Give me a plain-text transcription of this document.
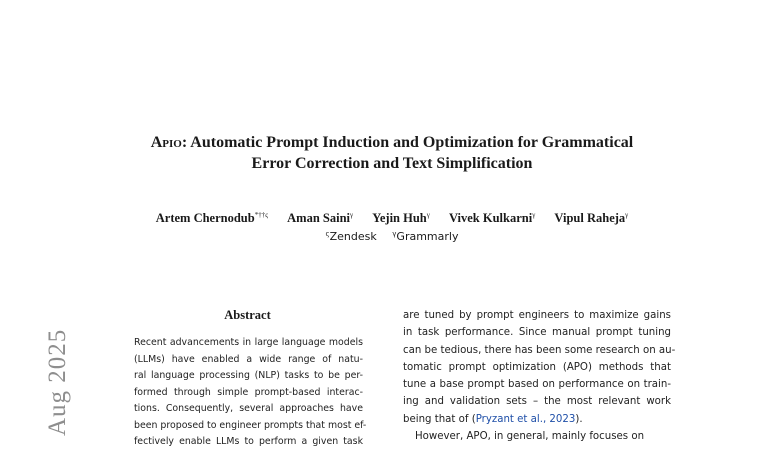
Apio: Automatic Prompt Induction and Optimization for Grammatical
Error Correction and Text Simplification
Artem Chernodub$^{*\dagger\dagger\varsigma}$ Aman Saini$^\gamma$ Yejin Huh$^\gamma$ Vivek Kulkarni$^\gamma$ Vipul Raheja$^\gamma$
$^\varsigma$Zendesk $^\gamma$Grammarly
Abstract
Recent advancements in large language models
(LLMs) have enabled a wide range of natu-
ral language processing (NLP) tasks to be per-
formed through simple prompt-based interac-
tions. Consequently, several approaches have
been proposed to engineer prompts that most ef-
fectively enable LLMs to perform a given task
are tuned by prompt engineers to maximize gains
in task performance. Since manual prompt tuning
can be tedious, there has been some research on au-
tomatic prompt optimization (APO) methods that
tune a base prompt based on performance on train-
ing and validation sets – the most relevant work
being that of (Pryzant et al., 2023).
However, APO, in general, mainly focuses on
Aug 2025
